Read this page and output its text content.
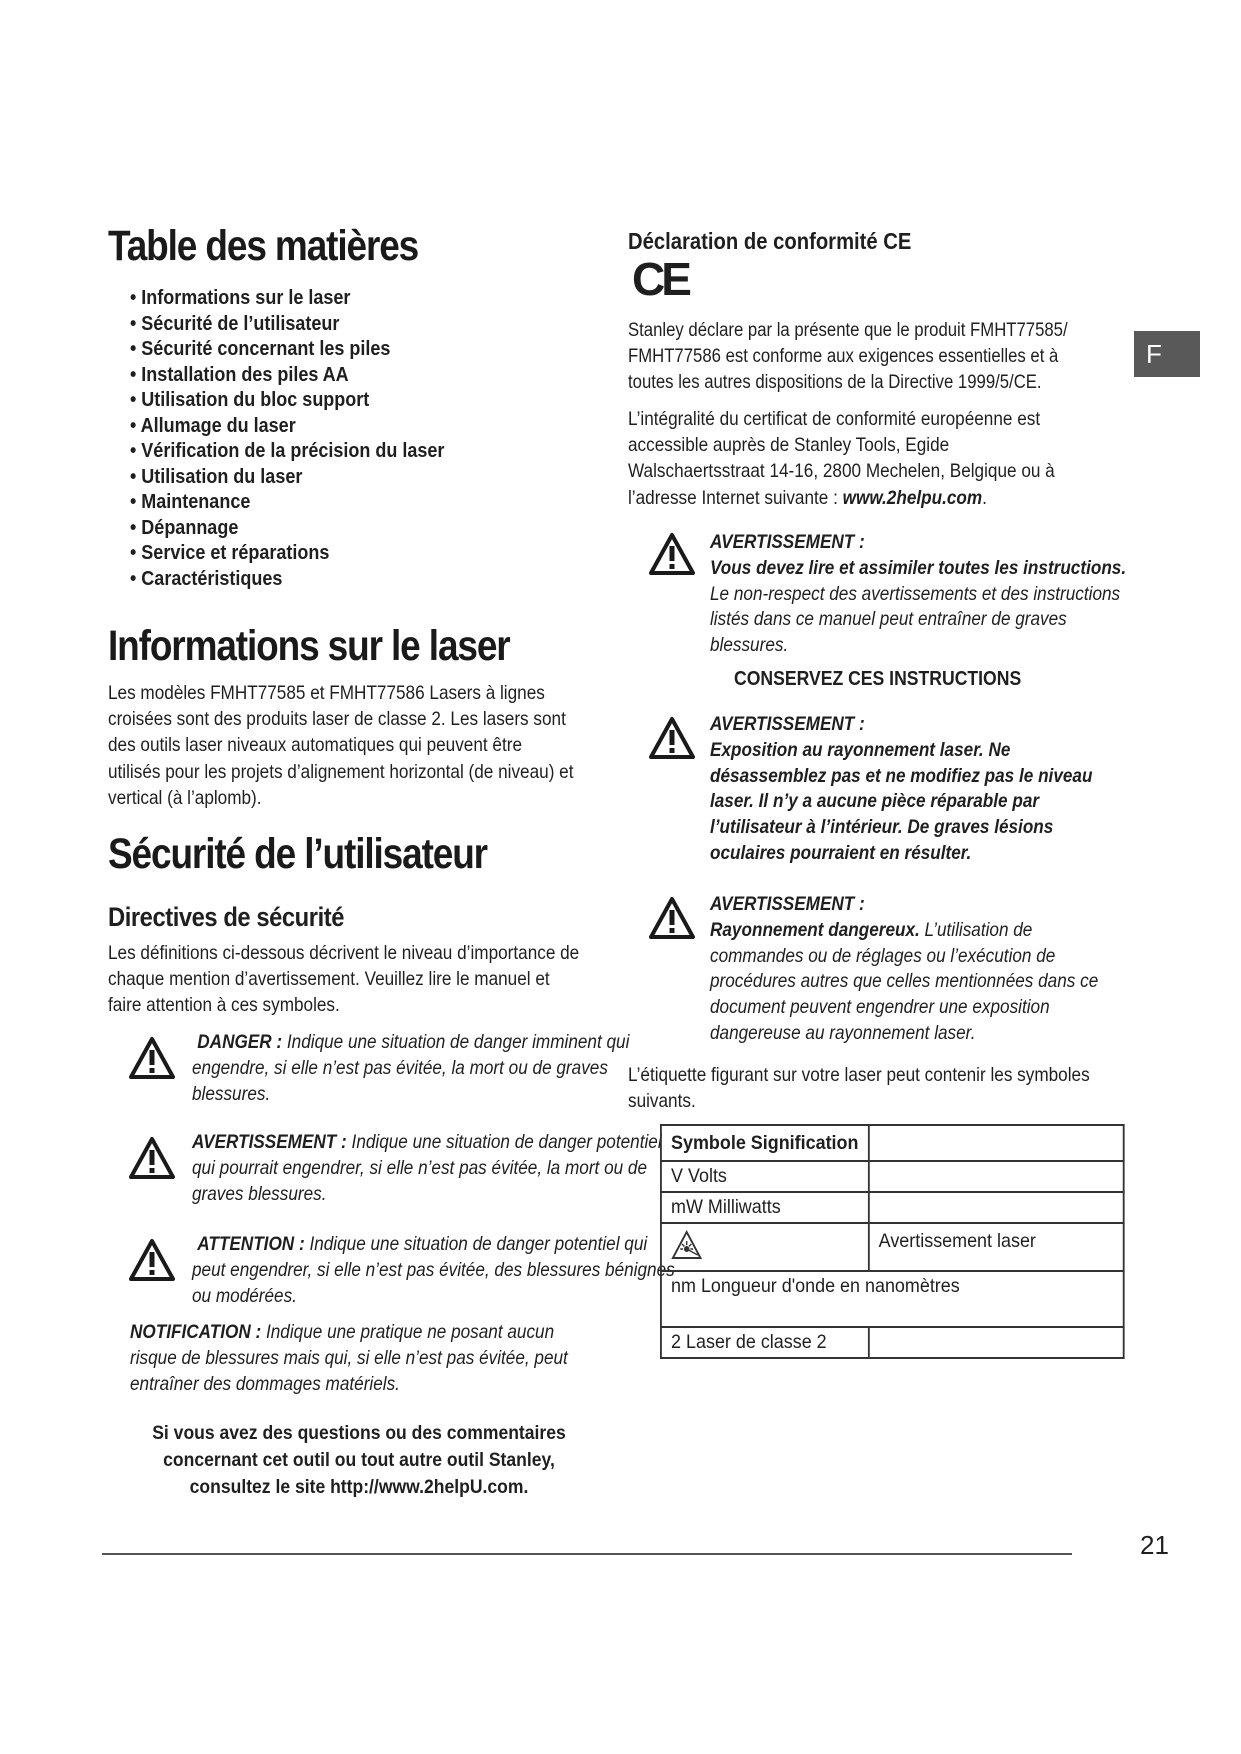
Table des matières
• Informations sur le laser
• Sécurité de l’utilisateur
• Sécurité concernant les piles
• Installation des piles AA
• Utilisation du bloc support
• Allumage du laser
• Vérification de la précision du laser
• Utilisation du laser
• Maintenance
• Dépannage
• Service et réparations
• Caractéristiques
Informations sur le laser
Les modèles FMHT77585 et FMHT77586 Lasers à lignes croisées sont des produits laser de classe 2. Les lasers sont des outils laser niveaux automatiques qui peuvent être utilisés pour les projets d’alignement horizontal (de niveau) et vertical (à l’aplomb).
Sécurité de l’utilisateur
Directives de sécurité
Les définitions ci-dessous décrivent le niveau d’importance de chaque mention d’avertissement. Veuillez lire le manuel et faire attention à ces symboles.
DANGER : Indique une situation de danger imminent qui engendre, si elle n’est pas évitée, la mort ou de graves blessures.
AVERTISSEMENT : Indique une situation de danger potentiel qui pourrait engendrer, si elle n’est pas évitée, la mort ou de graves blessures.
ATTENTION : Indique une situation de danger potentiel qui peut engendrer, si elle n’est pas évitée, des blessures bénignes ou modérées.
NOTIFICATION : Indique une pratique ne posant aucun risque de blessures mais qui, si elle n’est pas évitée, peut entraîner des dommages matériels.
Si vous avez des questions ou des commentaires concernant cet outil ou tout autre outil Stanley, consultez le site http://www.2helpU.com.
Déclaration de conformité CE
CE
Stanley déclare par la présente que le produit FMHT77585/ FMHT77586 est conforme aux exigences essentielles et à toutes les autres dispositions de la Directive 1999/5/CE.
L’intégralité du certificat de conformité européenne est accessible auprès de Stanley Tools, Egide Walschaertsstraat 14-16, 2800 Mechelen, Belgique ou à l’adresse Internet suivante : www.2helpu.com.
AVERTISSEMENT :
Vous devez lire et assimiler toutes les instructions. Le non-respect des avertissements et des instructions listés dans ce manuel peut entraîner de graves blessures.
CONSERVEZ CES INSTRUCTIONS
AVERTISSEMENT :
Exposition au rayonnement laser. Ne désassemblez pas et ne modifiez pas le niveau laser. Il n’y a aucune pièce réparable par l’utilisateur à l’intérieur. De graves lésions oculaires pourraient en résulter.
AVERTISSEMENT :
Rayonnement dangereux. L’utilisation de commandes ou de réglages ou l’exécution de procédures autres que celles mentionnées dans ce document peuvent engendrer une exposition dangereuse au rayonnement laser.
L’étiquette figurant sur votre laser peut contenir les symboles suivants.
Symbole Signification	
V Volts	
mW Milliwatts	
	Avertissement laser
nm Longueur d'onde en nanomètres	
2 Laser de classe 2	
F
21
